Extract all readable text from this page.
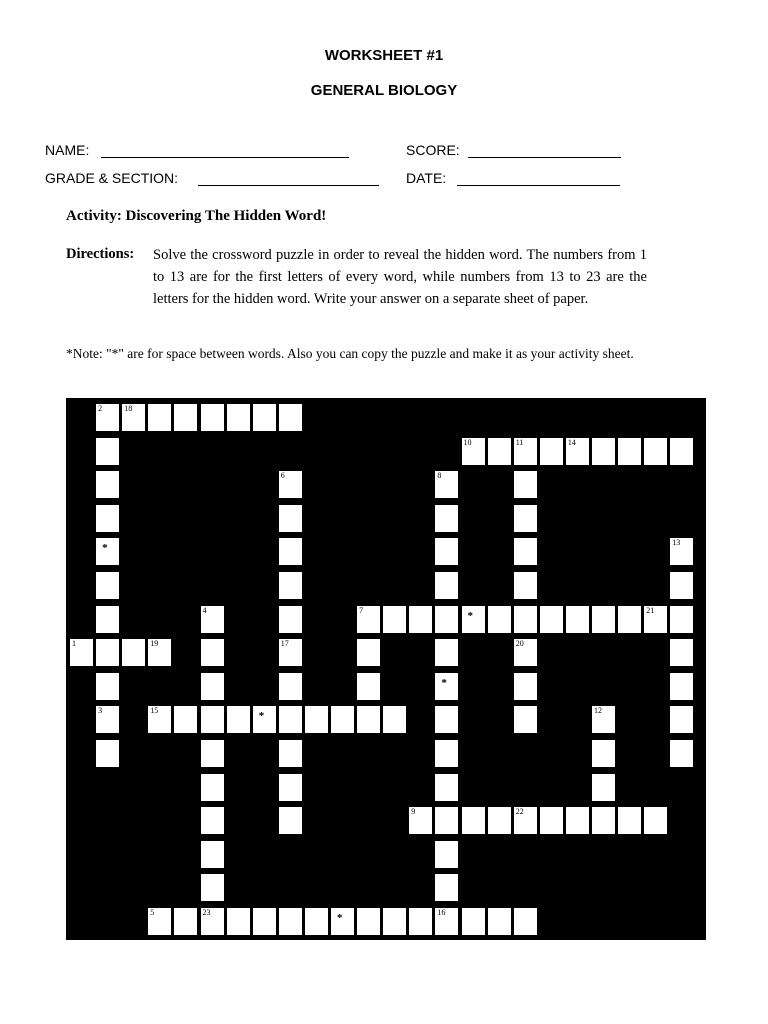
WORKSHEET #1
GENERAL BIOLOGY
NAME:	SCORE:
GRADE & SECTION:	DATE:
Activity: Discovering The Hidden Word!
Directions: Solve the crossword puzzle in order to reveal the hidden word. The numbers from 1 to 13 are for the first letters of every word, while numbers from 13 to 23 are the letters for the hidden word. Write your answer on a separate sheet of paper.
*Note: "*" are for space between words. Also you can copy the puzzle and make it as your activity sheet.
2	18
10	11	14
6	8
*	13
4	7	*	21
1	19	17	20
*
3	15	*	12
9	22
5	23	*	16
